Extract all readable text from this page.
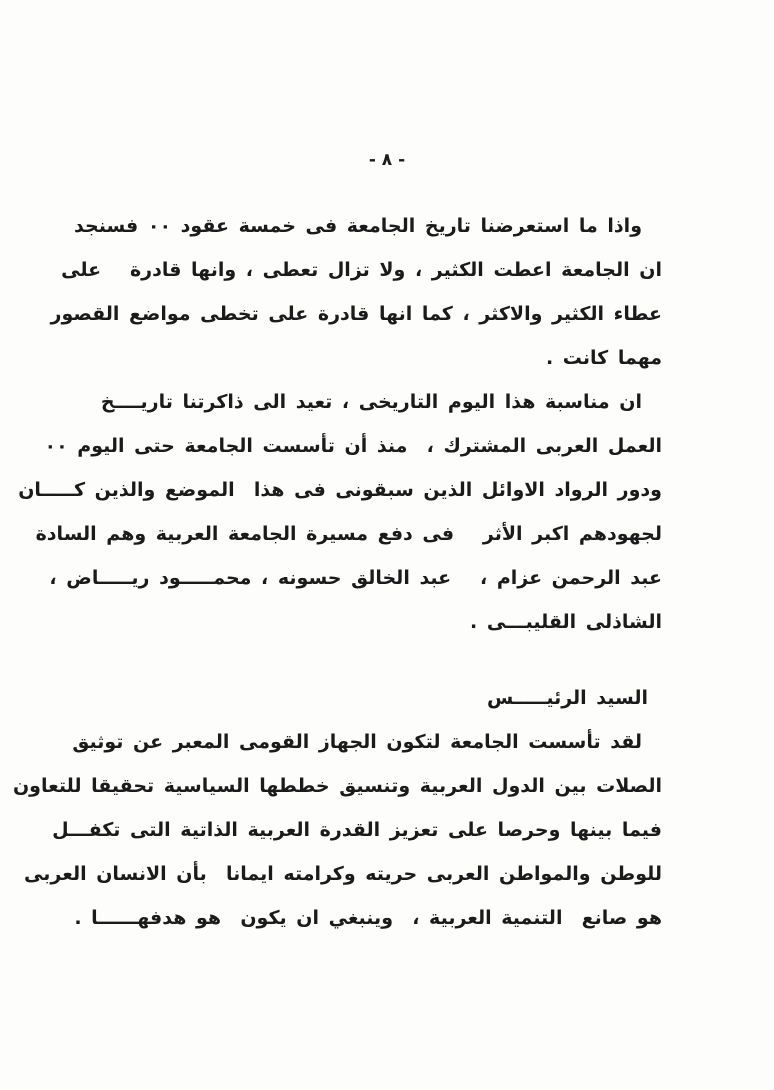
- ٨ -
واذا ما استعرضنا تاريخ الجامعة فى خمسة عقود ٠٠ فسنجد
ان الجامعة اعطت الكثير ، ولا تزال تعطى ، وانها قادرة   على
عطاء الكثير والاكثر ، كما انها قادرة على تخطى مواضع القصور
مهما كانت .
ان مناسبة هذا اليوم التاريخى ، تعيد الى ذاكرتنا تاريــــخ
العمل العربى المشترك ،  منذ أن تأسست الجامعة حتى اليوم ٠٠
ودور الرواد الاوائل الذين سبقونى فى هذا  الموضع والذين كـــــان
لجهودهم اكبر الأثر   فى دفع مسيرة الجامعة العربية وهم السادة
عبد الرحمن عزام ،   عبد الخالق حسونه ، محمـــــود ريـــــاض ،
الشاذلى القليبـــى .
السيد الرئيـــــس
لقد تأسست الجامعة لتكون الجهاز القومى المعبر عن توثيق
الصلات بين الدول العربية وتنسيق خططها السياسية تحقيقا للتعاون
فيما بينها وحرصا على تعزيز القدرة العربية الذاتية التى تكفـــل
للوطن والمواطن العربى حريته وكرامته ايمانا  بأن الانسان العربى
هو صانع  التنمية العربية ،  وينبغي ان يكون  هو هدفهــــــا .
